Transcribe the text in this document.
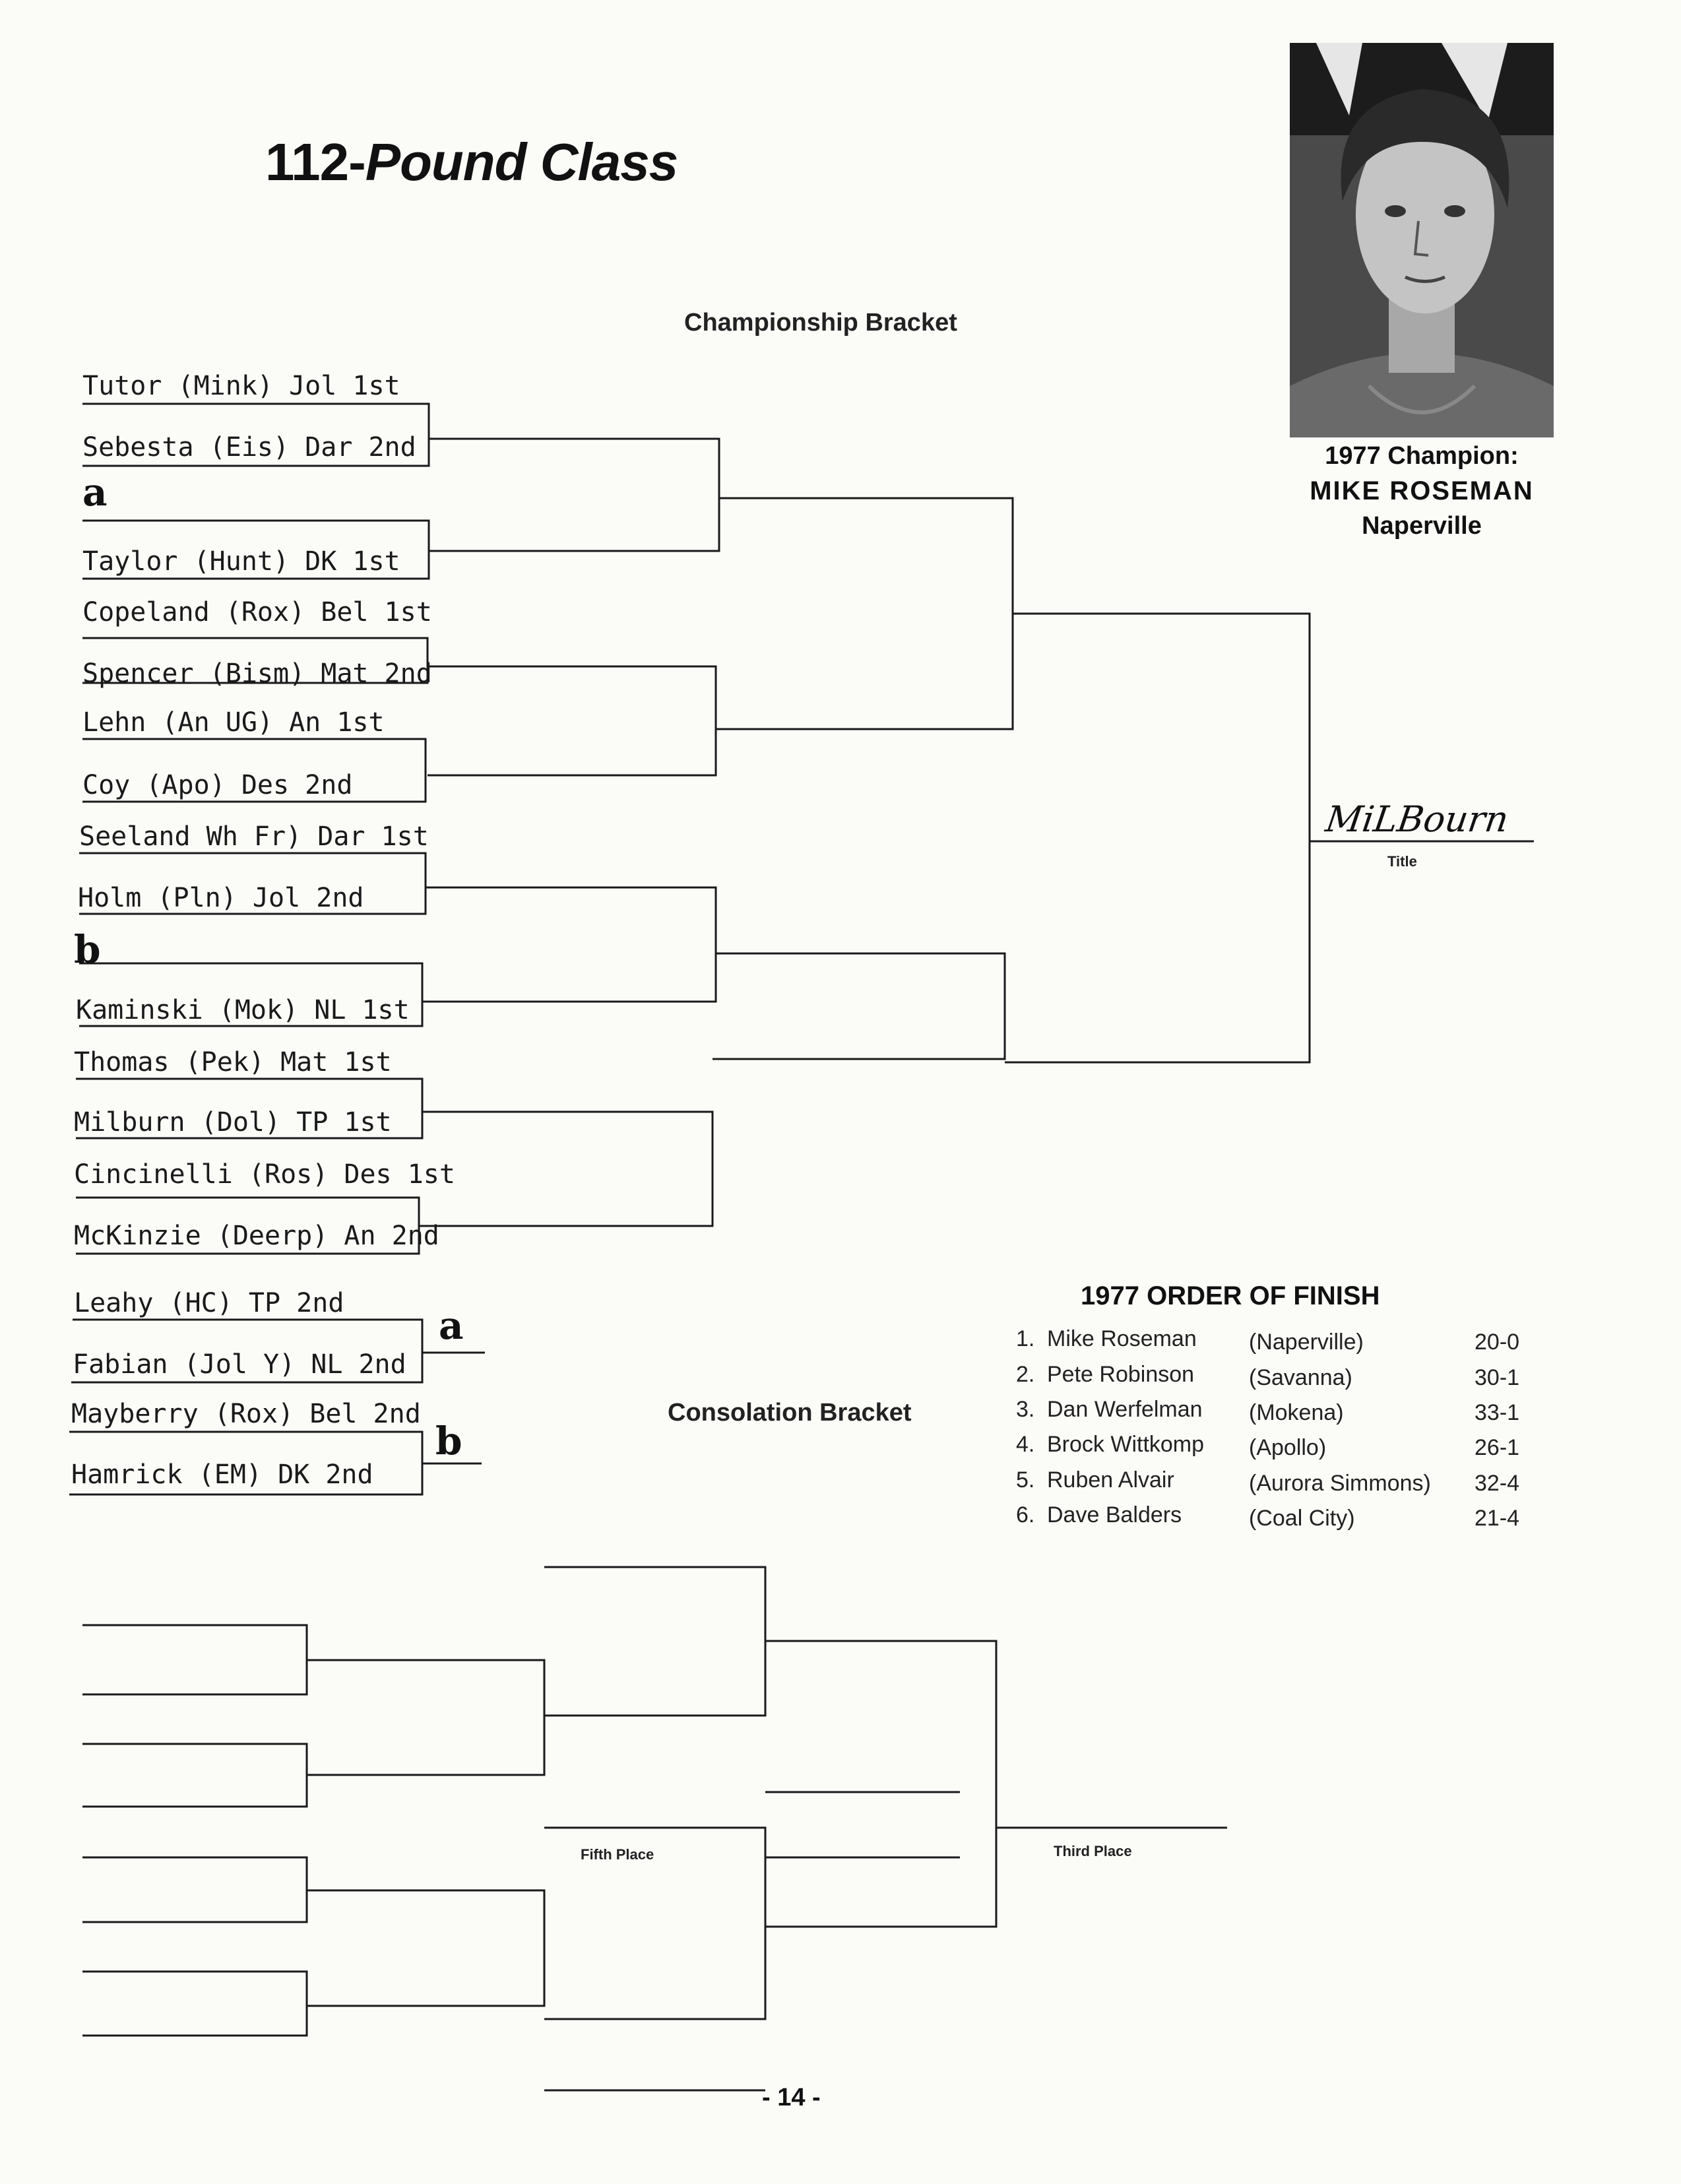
112-Pound Class
Championship Bracket
1977 Champion:
MIKE ROSEMAN
Naperville
Tutor (Mink) Jol 1st
Sebesta (Eis) Dar 2nd
a
Taylor (Hunt) DK 1st
Copeland (Rox) Bel 1st
Spencer (Bism) Mat 2nd
Lehn (An UG) An 1st
Coy (Apo) Des 2nd
Seeland Wh Fr) Dar 1st
Holm (Pln) Jol 2nd
b
Kaminski (Mok) NL 1st
Thomas (Pek) Mat 1st
Milburn (Dol) TP 1st
Cincinelli (Ros) Des 1st
McKinzie (Deerp) An 2nd
Leahy (HC) TP 2nd
Fabian (Jol Y) NL 2nd
a
Mayberry (Rox) Bel 2nd
Hamrick (EM) DK 2nd
b
MiLBourn
Title
Consolation Bracket
Fifth Place	Third Place
1977 ORDER OF FINISH
1. Mike Roseman (Naperville)	20-0
2. Pete Robinson (Savanna)	30-1
3. Dan Werfelman (Mokena)	33-1
4. Brock Wittkomp (Apollo)	26-1
5. Ruben Alvair	(Aurora Simmons) 32-4
6. Dave Balders	(Coal City)	21-4
- 14 -
